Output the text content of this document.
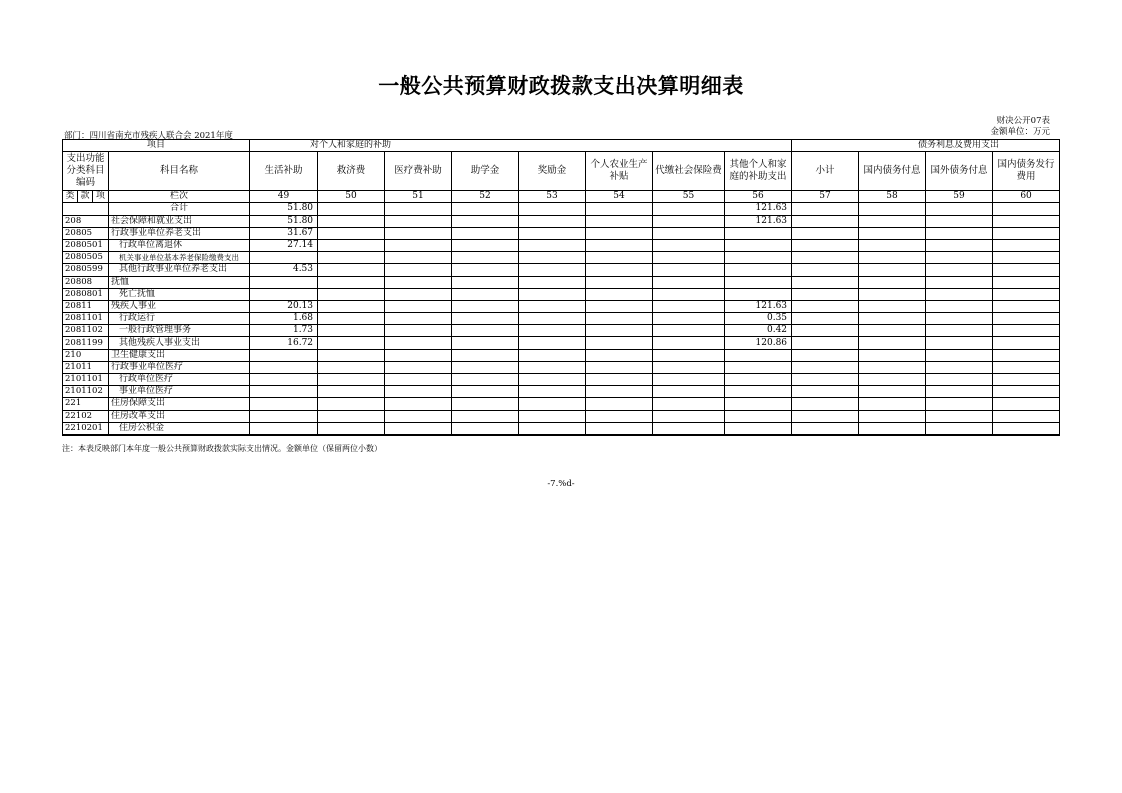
一般公共预算财政拨款支出决算明细表
财决公开07表
金额单位：万元
部门：四川省南充市残疾人联合会 2021年度
项目				对个人和家庭的补助								债务利息及费用支出			
支出功能分类科目编码			科目名称	生活补助	救济费	医疗费补助	助学金	奖励金	个人农业生产补贴	代缴社会保险费	其他个人和家庭的补助支出	小计	国内债务付息	国外债务付息	国内债务发行费用
类	款	项	栏次	49	50	51	52	53	54	55	56	57	58	59	60
			合计	51.80							121.63				
208			社会保障和就业支出	51.80							121.63				
20805			行政事业单位养老支出	31.67											
2080501			行政单位离退休	27.14											
2080505			机关事业单位基本养老保险缴费支出												
2080599			其他行政事业单位养老支出	4.53											
20808			抚恤												
2080801			死亡抚恤												
20811			残疾人事业	20.13							121.63				
2081101			行政运行	1.68							0.35				
2081102			一般行政管理事务	1.73							0.42				
2081199			其他残疾人事业支出	16.72							120.86				
210			卫生健康支出												
21011			行政事业单位医疗												
2101101			行政单位医疗												
2101102			事业单位医疗												
221			住房保障支出												
22102			住房改革支出												
2210201			住房公积金												
注：本表反映部门本年度一般公共预算财政拨款实际支出情况。金额单位（保留两位小数）
-7.%d-
